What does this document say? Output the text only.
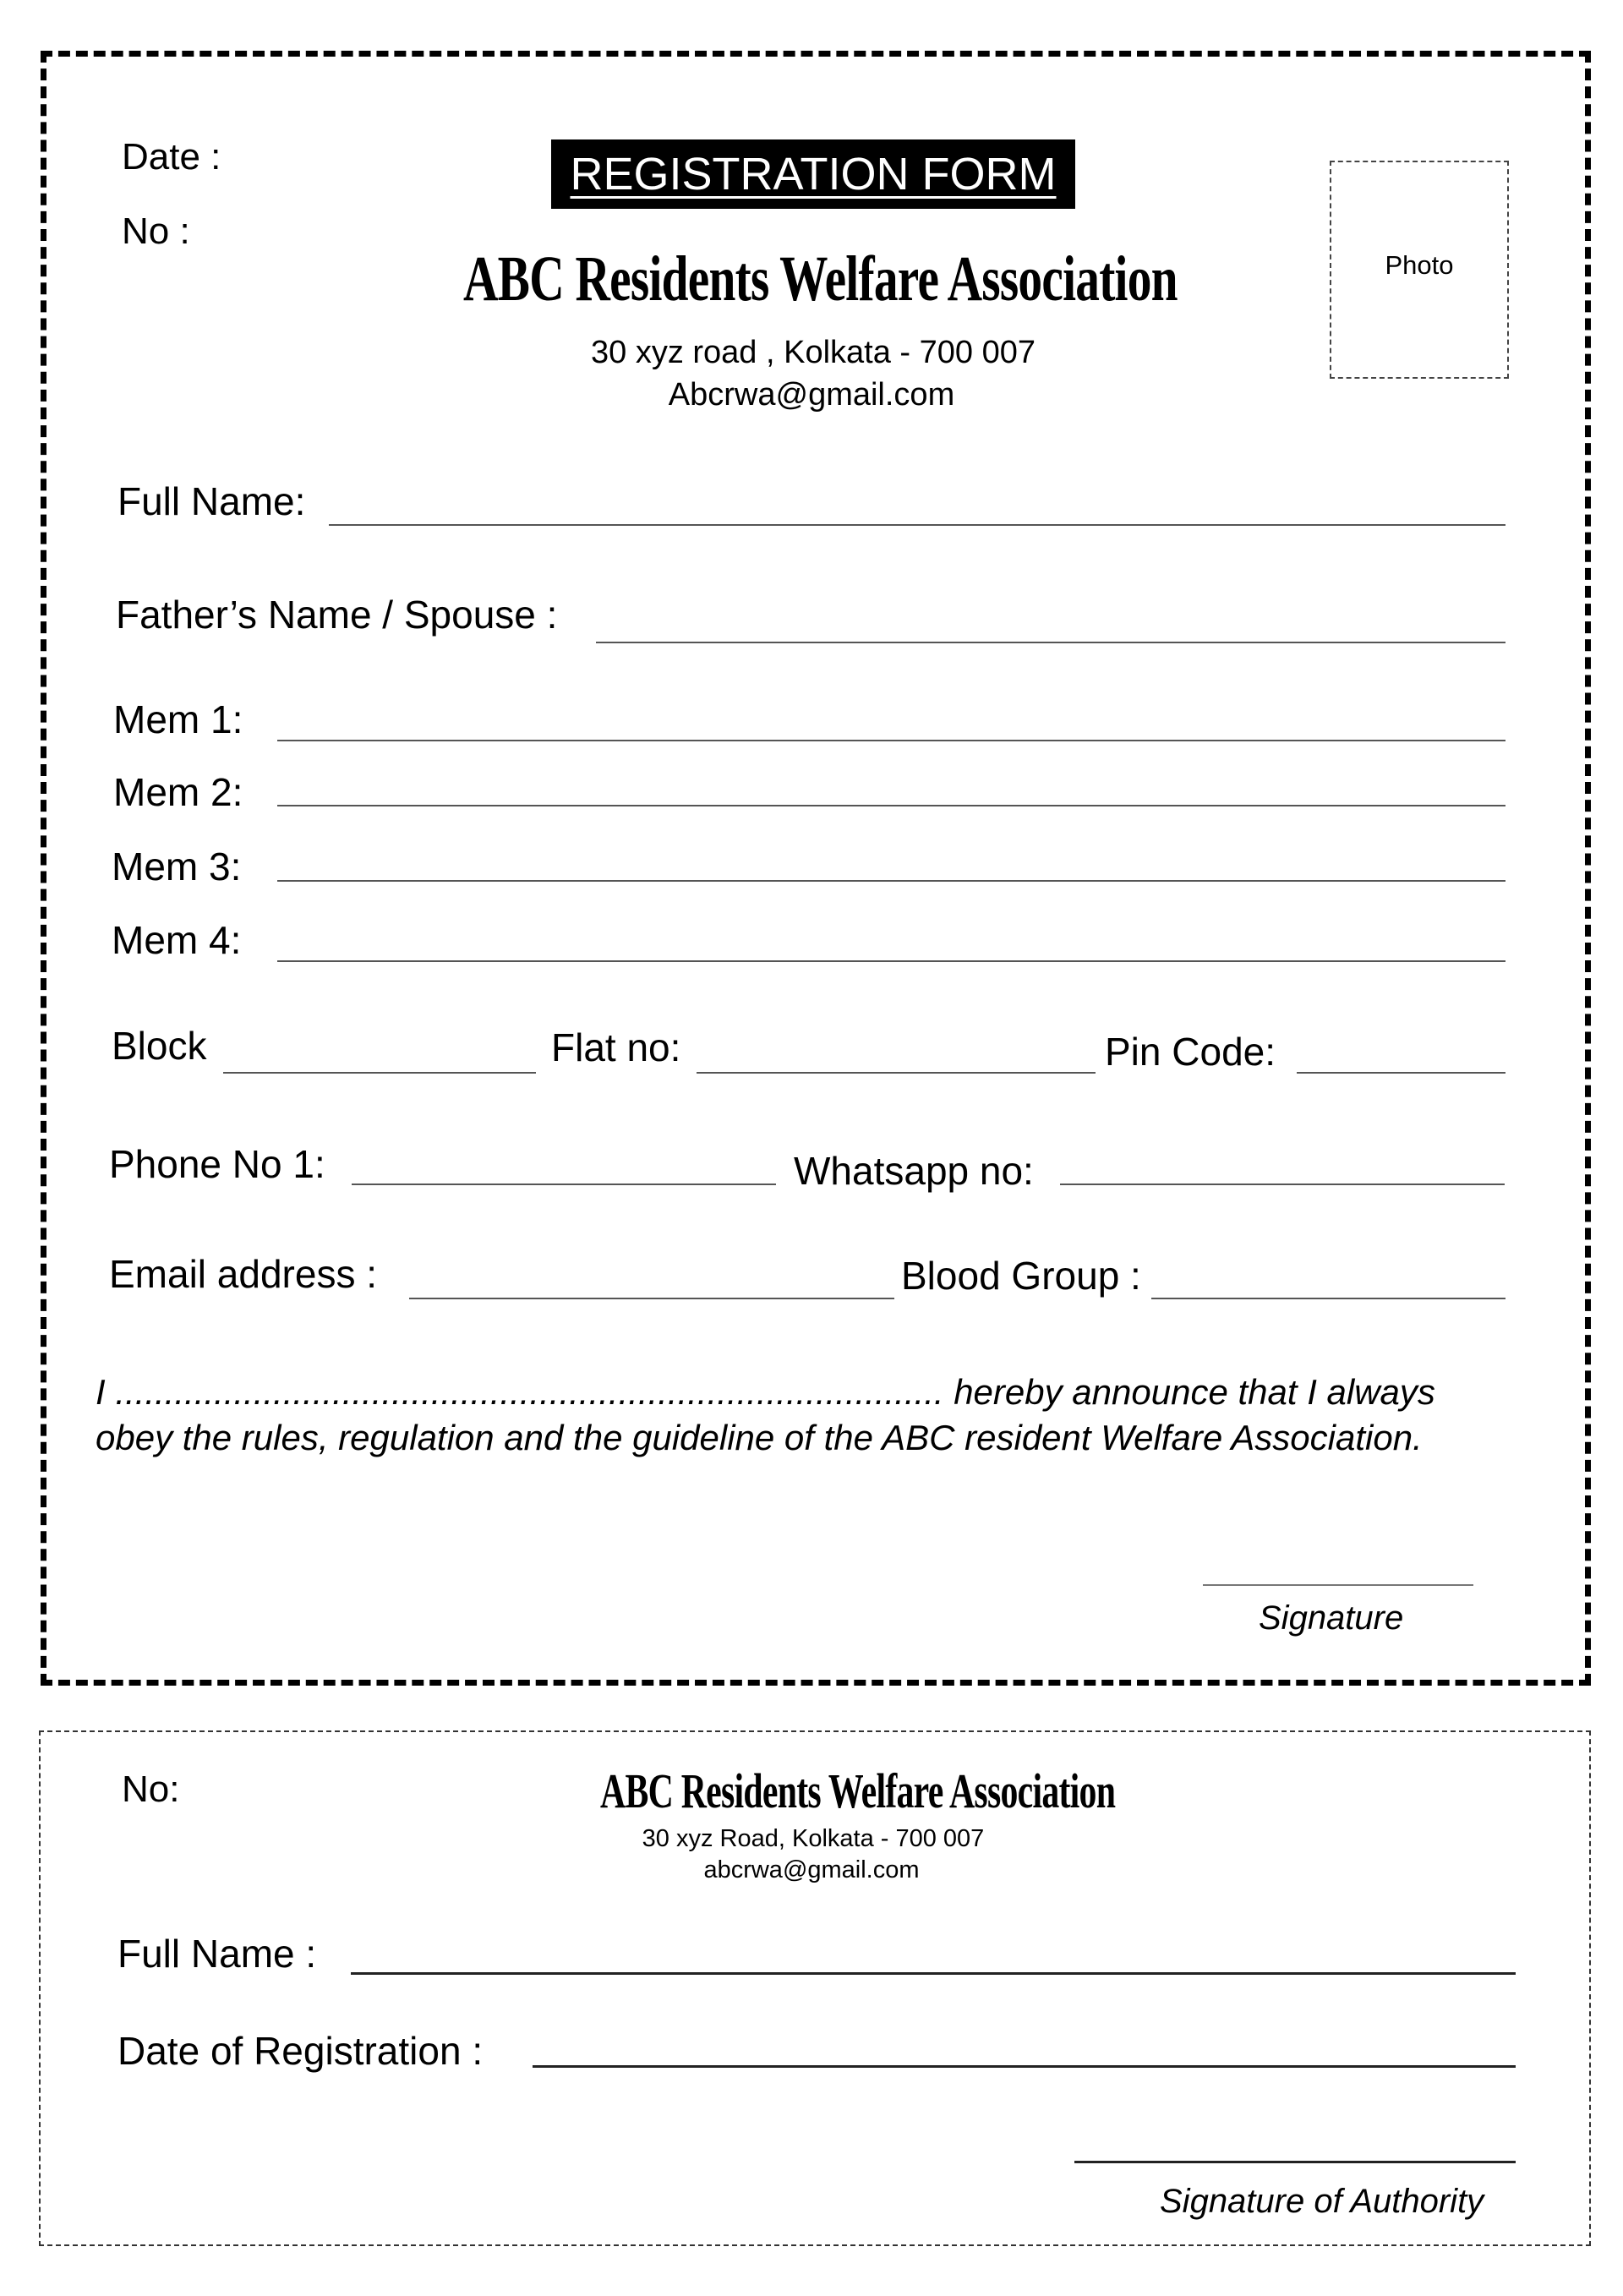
Date :
No :
REGISTRATION FORM
ABC Residents Welfare Association
30 xyz road , Kolkata - 700 007
Abcrwa@gmail.com
Photo
Full Name:
Father’s Name / Spouse :
Mem 1:
Mem 2:
Mem 3:
Mem 4:
Block	Flat no:	Pin Code:
Phone No 1:	Whatsapp no:
Email address :	Blood Group :
I .................................................................................... hereby announce that I always
obey the rules, regulation and the guideline of the ABC resident Welfare Association.
Signature
No:	ABC Residents Welfare Association
30 xyz Road, Kolkata - 700 007
abcrwa@gmail.com
Full Name :
Date of Registration :
Signature of Authority
